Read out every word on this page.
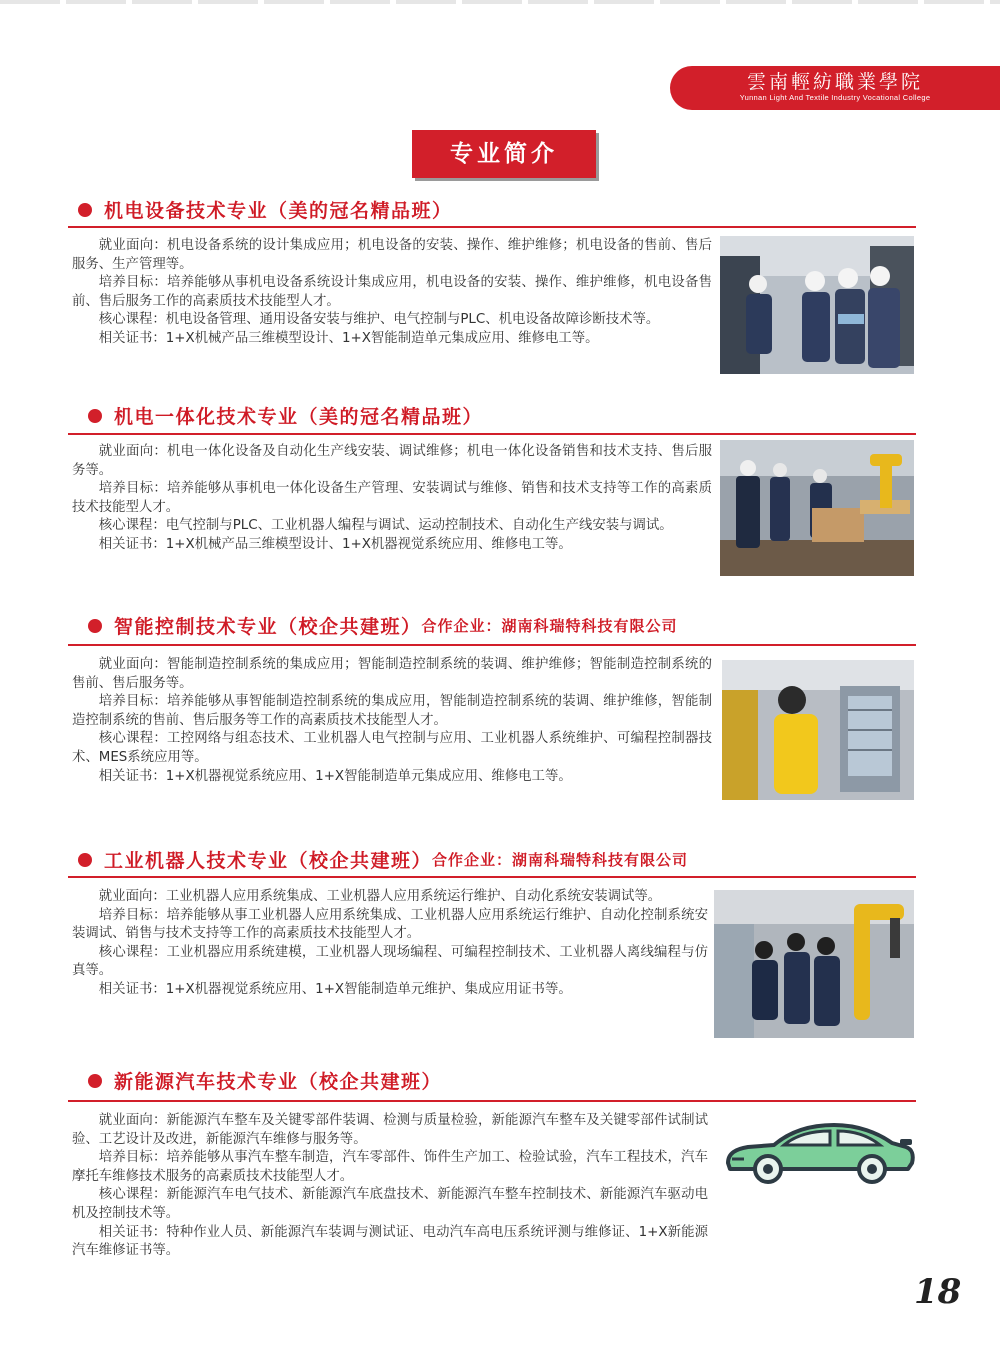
雲南輕紡職業學院
Yunnan Light And Textile Industry Vocational College
专业简介
机电设备技术专业（美的冠名精品班）

就业面向：机电设备系统的设计集成应用；机电设备的安装、操作、维护维修；机电设备的售前、售后服务、生产管理等。

培养目标：培养能够从事机电设备系统设计集成应用，机电设备的安装、操作、维护维修，机电设备售前、售后服务工作的高素质技术技能型人才。

核心课程：机电设备管理、通用设备安装与维护、电气控制与PLC、机电设备故障诊断技术等。

相关证书：1+X机械产品三维模型设计、1+X智能制造单元集成应用、维修电工等。

机电一体化技术专业（美的冠名精品班）

就业面向：机电一体化设备及自动化生产线安装、调试维修；机电一体化设备销售和技术支持、售后服务等。

培养目标：培养能够从事机电一体化设备生产管理、安装调试与维修、销售和技术支持等工作的高素质技术技能型人才。

核心课程：电气控制与PLC、工业机器人编程与调试、运动控制技术、自动化生产线安装与调试。

相关证书：1+X机械产品三维模型设计、1+X机器视觉系统应用、维修电工等。

智能控制技术专业（校企共建班） 合作企业：湖南科瑞特科技有限公司

就业面向：智能制造控制系统的集成应用；智能制造控制系统的装调、维护维修；智能制造控制系统的售前、售后服务等。

培养目标：培养能够从事智能制造控制系统的集成应用，智能制造控制系统的装调、维护维修，智能制造控制系统的售前、售后服务等工作的高素质技术技能型人才。

核心课程：工控网络与组态技术、工业机器人电气控制与应用、工业机器人系统维护、可编程控制器技术、MES系统应用等。

相关证书：1+X机器视觉系统应用、1+X智能制造单元集成应用、维修电工等。

工业机器人技术专业（校企共建班） 合作企业：湖南科瑞特科技有限公司

就业面向：工业机器人应用系统集成、工业机器人应用系统运行维护、自动化系统安装调试等。

培养目标：培养能够从事工业机器人应用系统集成、工业机器人应用系统运行维护、自动化控制系统安装调试、销售与技术支持等工作的高素质技术技能型人才。

核心课程：工业机器应用系统建模，工业机器人现场编程、可编程控制技术、工业机器人离线编程与仿真等。

相关证书：1+X机器视觉系统应用、1+X智能制造单元维护、集成应用证书等。

新能源汽车技术专业（校企共建班）

就业面向：新能源汽车整车及关键零部件装调、检测与质量检验，新能源汽车整车及关键零部件试制试验、工艺设计及改进，新能源汽车维修与服务等。

培养目标：培养能够从事汽车整车制造，汽车零部件、饰件生产加工、检验试验，汽车工程技术，汽车摩托车维修技术服务的高素质技术技能型人才。

核心课程：新能源汽车电气技术、新能源汽车底盘技术、新能源汽车整车控制技术、新能源汽车驱动电机及控制技术等。

相关证书：特种作业人员、新能源汽车装调与测试证、电动汽车高电压系统评测与维修证、1+X新能源汽车维修证书等。

18
